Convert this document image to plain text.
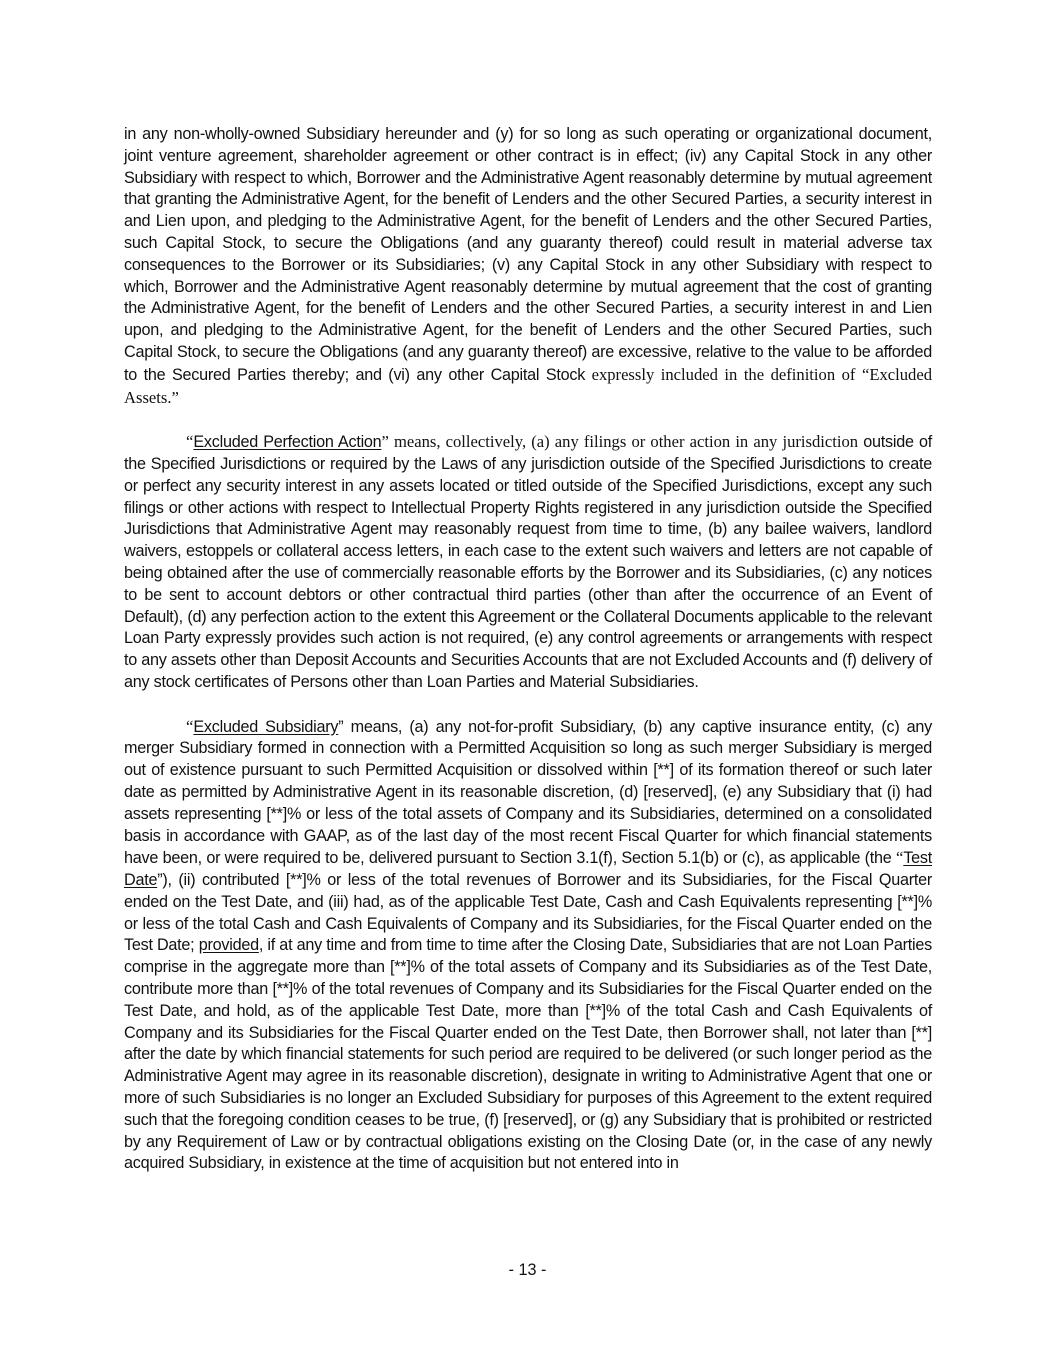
in any non-wholly-owned Subsidiary hereunder and (y) for so long as such operating or organizational document, joint venture agreement, shareholder agreement or other contract is in effect; (iv) any Capital Stock in any other Subsidiary with respect to which, Borrower and the Administrative Agent reasonably determine by mutual agreement that granting the Administrative Agent, for the benefit of Lenders and the other Secured Parties, a security interest in and Lien upon, and pledging to the Administrative Agent, for the benefit of Lenders and the other Secured Parties, such Capital Stock, to secure the Obligations (and any guaranty thereof) could result in material adverse tax consequences to the Borrower or its Subsidiaries; (v) any Capital Stock in any other Subsidiary with respect to which, Borrower and the Administrative Agent reasonably determine by mutual agreement that the cost of granting the Administrative Agent, for the benefit of Lenders and the other Secured Parties, a security interest in and Lien upon, and pledging to the Administrative Agent, for the benefit of Lenders and the other Secured Parties, such Capital Stock, to secure the Obligations (and any guaranty thereof) are excessive, relative to the value to be afforded to the Secured Parties thereby; and (vi) any other Capital Stock expressly included in the definition of “Excluded Assets.”

“Excluded Perfection Action” means, collectively, (a) any filings or other action in any jurisdiction outside of the Specified Jurisdictions or required by the Laws of any jurisdiction outside of the Specified Jurisdictions to create or perfect any security interest in any assets located or titled outside of the Specified Jurisdictions, except any such filings or other actions with respect to Intellectual Property Rights registered in any jurisdiction outside the Specified Jurisdictions that Administrative Agent may reasonably request from time to time, (b) any bailee waivers, landlord waivers, estoppels or collateral access letters, in each case to the extent such waivers and letters are not capable of being obtained after the use of commercially reasonable efforts by the Borrower and its Subsidiaries, (c) any notices to be sent to account debtors or other contractual third parties (other than after the occurrence of an Event of Default), (d) any perfection action to the extent this Agreement or the Collateral Documents applicable to the relevant Loan Party expressly provides such action is not required, (e) any control agreements or arrangements with respect to any assets other than Deposit Accounts and Securities Accounts that are not Excluded Accounts and (f) delivery of any stock certificates of Persons other than Loan Parties and Material Subsidiaries.

“Excluded Subsidiary” means, (a) any not-for-profit Subsidiary, (b) any captive insurance entity, (c) any merger Subsidiary formed in connection with a Permitted Acquisition so long as such merger Subsidiary is merged out of existence pursuant to such Permitted Acquisition or dissolved within [**] of its formation thereof or such later date as permitted by Administrative Agent in its reasonable discretion, (d) [reserved], (e) any Subsidiary that (i) had assets representing [**]% or less of the total assets of Company and its Subsidiaries, determined on a consolidated basis in accordance with GAAP, as of the last day of the most recent Fiscal Quarter for which financial statements have been, or were required to be, delivered pursuant to Section 3.1(f), Section 5.1(b) or (c), as applicable (the “Test Date”), (ii) contributed [**]% or less of the total revenues of Borrower and its Subsidiaries, for the Fiscal Quarter ended on the Test Date, and (iii) had, as of the applicable Test Date, Cash and Cash Equivalents representing [**]% or less of the total Cash and Cash Equivalents of Company and its Subsidiaries, for the Fiscal Quarter ended on the Test Date; provided, if at any time and from time to time after the Closing Date, Subsidiaries that are not Loan Parties comprise in the aggregate more than [**]% of the total assets of Company and its Subsidiaries as of the Test Date, contribute more than [**]% of the total revenues of Company and its Subsidiaries for the Fiscal Quarter ended on the Test Date, and hold, as of the applicable Test Date, more than [**]% of the total Cash and Cash Equivalents of Company and its Subsidiaries for the Fiscal Quarter ended on the Test Date, then Borrower shall, not later than [**] after the date by which financial statements for such period are required to be delivered (or such longer period as the Administrative Agent may agree in its reasonable discretion), designate in writing to Administrative Agent that one or more of such Subsidiaries is no longer an Excluded Subsidiary for purposes of this Agreement to the extent required such that the foregoing condition ceases to be true, (f) [reserved], or (g) any Subsidiary that is prohibited or restricted by any Requirement of Law or by contractual obligations existing on the Closing Date (or, in the case of any newly acquired Subsidiary, in existence at the time of acquisition but not entered into in

- 13 -
